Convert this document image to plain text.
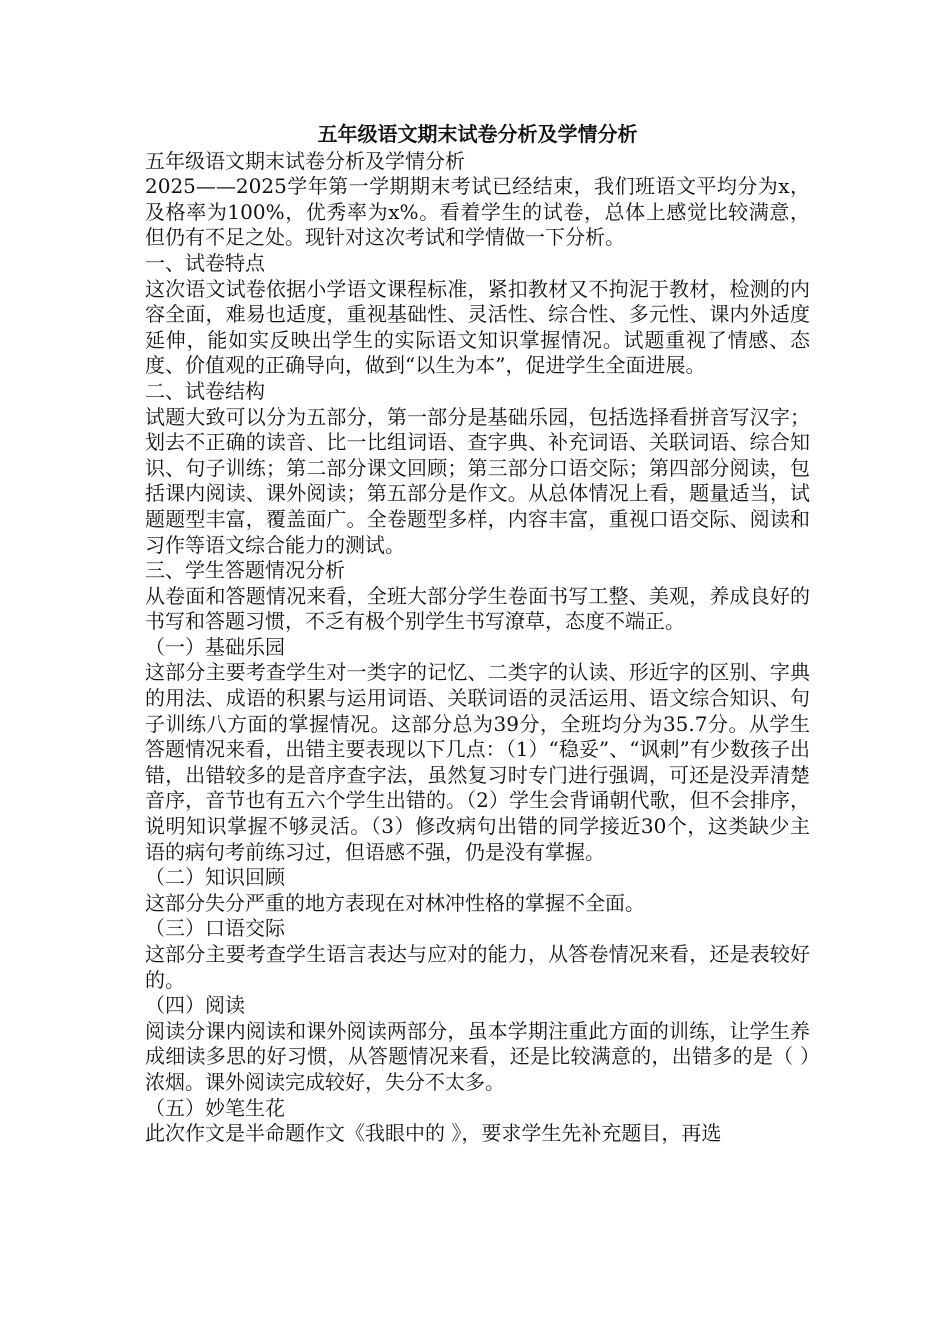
五年级语文期末试卷分析及学情分析
五年级语文期末试卷分析及学情分析
2025——2025学年第一学期期末考试已经结束，我们班语文平均分为x，及格率为100%，优秀率为x%。看着学生的试卷，总体上感觉比较满意，但仍有不足之处。现针对这次考试和学情做一下分析。
一、试卷特点
这次语文试卷依据小学语文课程标准，紧扣教材又不拘泥于教材，检测的内容全面，难易也适度，重视基础性、灵活性、综合性、多元性、课内外适度延伸，能如实反映出学生的实际语文知识掌握情况。试题重视了情感、态度、价值观的正确导向，做到“以生为本”，促进学生全面进展。
二、试卷结构
试题大致可以分为五部分，第一部分是基础乐园，包括选择看拼音写汉字；划去不正确的读音、比一比组词语、查字典、补充词语、关联词语、综合知识、句子训练；第二部分课文回顾；第三部分口语交际；第四部分阅读，包括课内阅读、课外阅读；第五部分是作文。从总体情况上看，题量适当，试题题型丰富，覆盖面广。全卷题型多样，内容丰富，重视口语交际、阅读和习作等语文综合能力的测试。
三、学生答题情况分析
从卷面和答题情况来看，全班大部分学生卷面书写工整、美观，养成良好的书写和答题习惯，不乏有极个别学生书写潦草，态度不端正。
（一）基础乐园
这部分主要考查学生对一类字的记忆、二类字的认读、形近字的区别、字典的用法、成语的积累与运用词语、关联词语的灵活运用、语文综合知识、句子训练八方面的掌握情况。这部分总为39分，全班均分为35.7分。从学生答题情况来看，出错主要表现以下几点：（1）“稳妥”、“讽刺”有少数孩子出错，出错较多的是音序查字法，虽然复习时专门进行强调，可还是没弄清楚音序，音节也有五六个学生出错的。（2）学生会背诵朝代歌，但不会排序，说明知识掌握不够灵活。（3）修改病句出错的同学接近30个，这类缺少主语的病句考前练习过，但语感不强，仍是没有掌握。
（二）知识回顾
这部分失分严重的地方表现在对林冲性格的掌握不全面。
（三）口语交际
这部分主要考查学生语言表达与应对的能力，从答卷情况来看，还是表较好的。
（四）阅读
阅读分课内阅读和课外阅读两部分，虽本学期注重此方面的训练，让学生养成细读多思的好习惯，从答题情况来看，还是比较满意的，出错多的是（ ）浓烟。课外阅读完成较好，失分不太多。
（五）妙笔生花
此次作文是半命题作文《我眼中的 》，要求学生先补充题目，再选
